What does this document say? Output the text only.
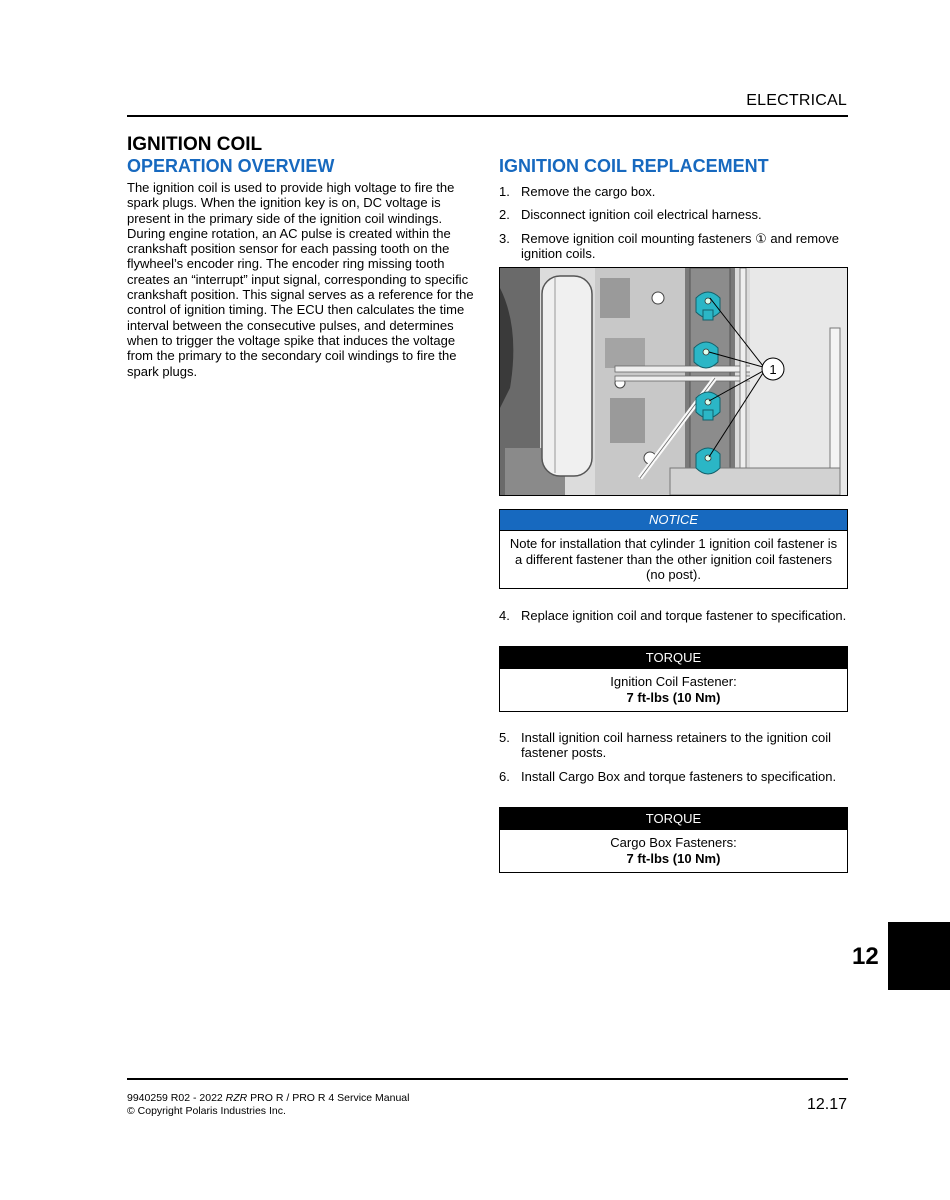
ELECTRICAL
IGNITION COIL
OPERATION OVERVIEW
The ignition coil is used to provide high voltage to fire the spark plugs. When the ignition key is on, DC voltage is present in the primary side of the ignition coil windings. During engine rotation, an AC pulse is created within the crankshaft position sensor for each passing tooth on the flywheel’s encoder ring. The encoder ring missing tooth creates an “interrupt” input signal, corresponding to specific crankshaft position. This signal serves as a reference for the control of ignition timing. The ECU then calculates the time interval between the consecutive pulses, and determines when to trigger the voltage spike that induces the voltage from the primary to the secondary coil windings to fire the spark plugs.
IGNITION COIL REPLACEMENT
1. Remove the cargo box.
2. Disconnect ignition coil electrical harness.
3. Remove ignition coil mounting fasteners ① and remove ignition coils.
1
NOTICE
Note for installation that cylinder 1 ignition coil fastener is a different fastener than the other ignition coil fasteners (no post).
4. Replace ignition coil and torque fastener to specification.
TORQUE
Ignition Coil Fastener:
7 ft-lbs (10 Nm)
5. Install ignition coil harness retainers to the ignition coil fastener posts.
6. Install Cargo Box and torque fasteners to specification.
TORQUE
Cargo Box Fasteners:
7 ft-lbs (10 Nm)
12
9940259 R02 - 2022 RZR PRO R / PRO R 4 Service Manual
© Copyright Polaris Industries Inc.	12.17
